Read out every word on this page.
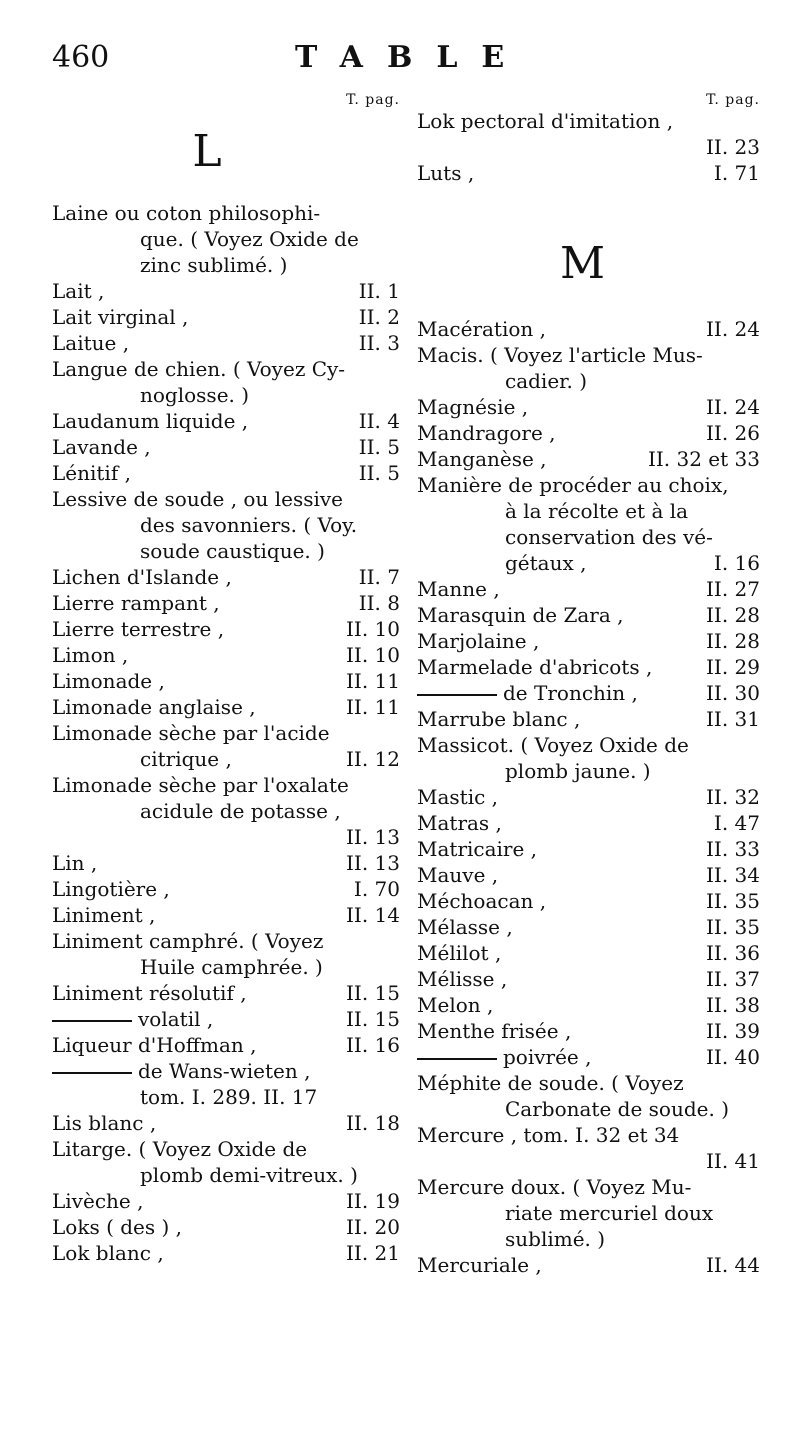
460	TABLE
T. pag.
L
Laine ou coton philosophi-
que. ( Voyez Oxide de
zinc sublimé. )
II. 1
Lait ,
II. 2
Lait virginal ,
II. 3
Laitue ,
Langue de chien. ( Voyez Cy-
noglosse. )
II. 4
Laudanum liquide ,
II. 5
Lavande ,
II. 5
Lénitif ,
Lessive de soude , ou lessive
des savonniers. ( Voy.
soude caustique. )
II. 7
Lichen d'Islande ,
II. 8
Lierre rampant ,
II. 10
Lierre terrestre ,
II. 10
Limon ,
II. 11
Limonade ,
II. 11
Limonade anglaise ,
Limonade sèche par l'acide
II. 12
citrique ,
Limonade sèche par l'oxalate
acidule de potasse ,
II. 13
II. 13
Lin ,
I. 70
Lingotière ,
II. 14
Liniment ,
Liniment camphré. ( Voyez
Huile camphrée. )
II. 15
Liniment résolutif ,
II. 15
volatil ,
II. 16
Liqueur d'Hoffman ,
de Wans-wieten ,
tom. I. 289. II. 17
II. 18
Lis blanc ,
Litarge. ( Voyez Oxide de
plomb demi-vitreux. )
II. 19
Livèche ,
II. 20
Loks ( des ) ,
II. 21
Lok blanc ,
T. pag.
Lok pectoral d'imitation ,
II. 23
I. 71
Luts ,
M
II. 24
Macération ,
Macis. ( Voyez l'article Mus-
cadier. )
II. 24
Magnésie ,
II. 26
Mandragore ,
II. 32 et 33
Manganèse ,
Manière de procéder au choix,
à la récolte et à la
conservation des vé-
I. 16
gétaux ,
II. 27
Manne ,
II. 28
Marasquin de Zara ,
II. 28
Marjolaine ,
II. 29
Marmelade d'abricots ,
II. 30
de Tronchin ,
II. 31
Marrube blanc ,
Massicot. ( Voyez Oxide de
plomb jaune. )
II. 32
Mastic ,
I. 47
Matras ,
II. 33
Matricaire ,
II. 34
Mauve ,
II. 35
Méchoacan ,
II. 35
Mélasse ,
II. 36
Mélilot ,
II. 37
Mélisse ,
II. 38
Melon ,
II. 39
Menthe frisée ,
II. 40
poivrée ,
Méphite de soude. ( Voyez
Carbonate de soude. )
Mercure , tom. I. 32 et 34
II. 41
Mercure doux. ( Voyez Mu-
riate mercuriel doux
sublimé. )
II. 44
Mercuriale ,
